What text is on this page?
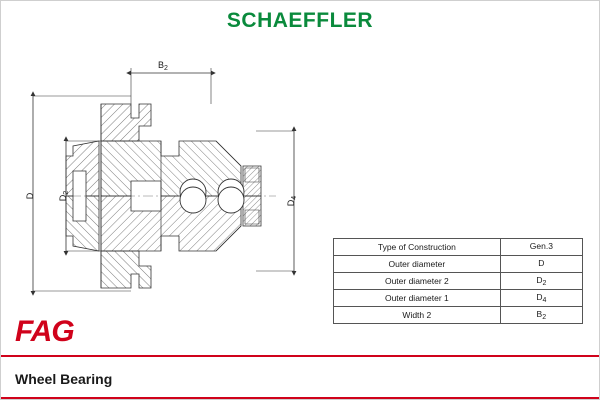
SCHAEFFLER
$B_2$
D	$D_2$
$D_4$
Type of Construction	Gen.3
Outer diameter	D
Outer diameter 2	$D_2$
Outer diameter 1	$D_4$
Width 2	$B_2$
FAG
Wheel Bearing
